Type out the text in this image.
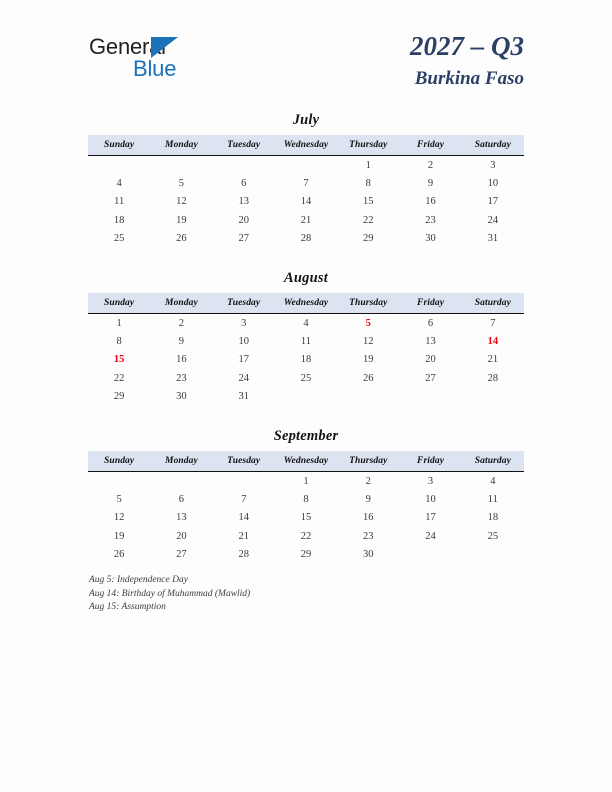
General
Blue
2027 – Q3
Burkina Faso
July
Sunday	Monday	Tuesday	Wednesday	Thursday	Friday	Saturday
				1	2	3
4	5	6	7	8	9	10
11	12	13	14	15	16	17
18	19	20	21	22	23	24
25	26	27	28	29	30	31
August
Sunday	Monday	Tuesday	Wednesday	Thursday	Friday	Saturday
1	2	3	4	5	6	7
8	9	10	11	12	13	14
15	16	17	18	19	20	21
22	23	24	25	26	27	28
29	30	31				
September
Sunday	Monday	Tuesday	Wednesday	Thursday	Friday	Saturday
			1	2	3	4
5	6	7	8	9	10	11
12	13	14	15	16	17	18
19	20	21	22	23	24	25
26	27	28	29	30		
Aug 5: Independence Day
Aug 14: Birthday of Muhammad (Mawlid)
Aug 15: Assumption
